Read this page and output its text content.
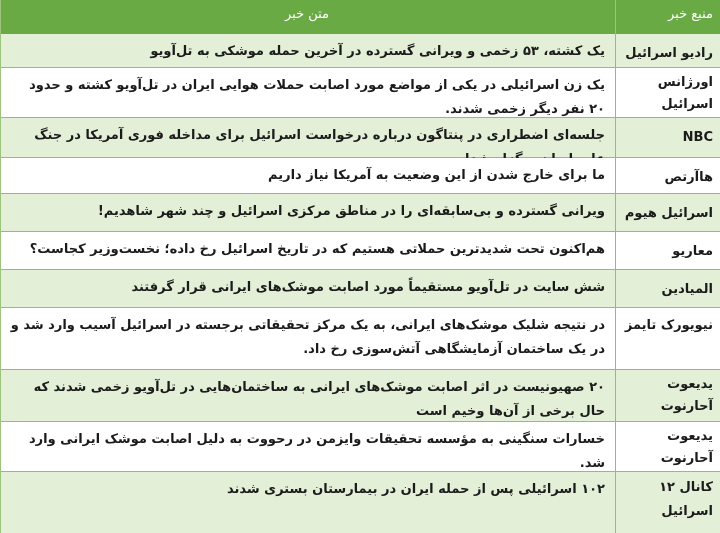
منبع خبر
متن خبر
رادیو اسرائیل
یک کشته، ۵۳ زخمی و ویرانی گسترده در آخرین حمله موشکی به تل‌آویو
اورژانس اسرائیل
یک زن اسرائیلی در یکی از مواضع مورد اصابت حملات هوایی ایران در تل‌آویو کشته و حدود ۲۰ نفر دیگر زخمی شدند.
NBC
جلسه‌ای اضطراری در پنتاگون درباره درخواست اسرائیل برای مداخله فوری آمریکا در جنگ
هاآرتص
ما برای خارج شدن از این وضعیت به آمریکا نیاز داریم
اسرائیل هیوم
ویرانی گسترده و بی‌سابقه‌ای را در مناطق مرکزی اسرائیل و چند شهر شاهدیم!
معاریو
هم‌اکنون تحت شدیدترین حملاتی هستیم که در تاریخ اسرائیل رخ داده؛ نخست‌وزیر کجاست؟
المیادین
شش سایت در تل‌آویو مستقیماً مورد اصابت موشک‌های ایرانی قرار گرفتند
نیویورک تایمز
در نتیجه شلیک موشک‌های ایرانی، به یک مرکز تحقیقاتی برجسته در اسرائیل آسیب وارد شد و در یک ساختمان آزمایشگاهی آتش‌سوزی رخ داد.
یدیعوت آحارنوت
۲۰ صهیونیست در اثر اصابت موشک‌های ایرانی به ساختمان‌هایی در تل‌آویو زخمی شدند که حال برخی از آن‌ها وخیم است
یدیعوت آحارنوت
خسارات سنگینی به مؤسسه تحقیقات وایزمن در رحووت به دلیل اصابت موشک ایرانی وارد شد.
کانال ۱۲ اسرائیل
۱۰۲ اسرائیلی پس از حمله ایران در بیمارستان بستری شدند
